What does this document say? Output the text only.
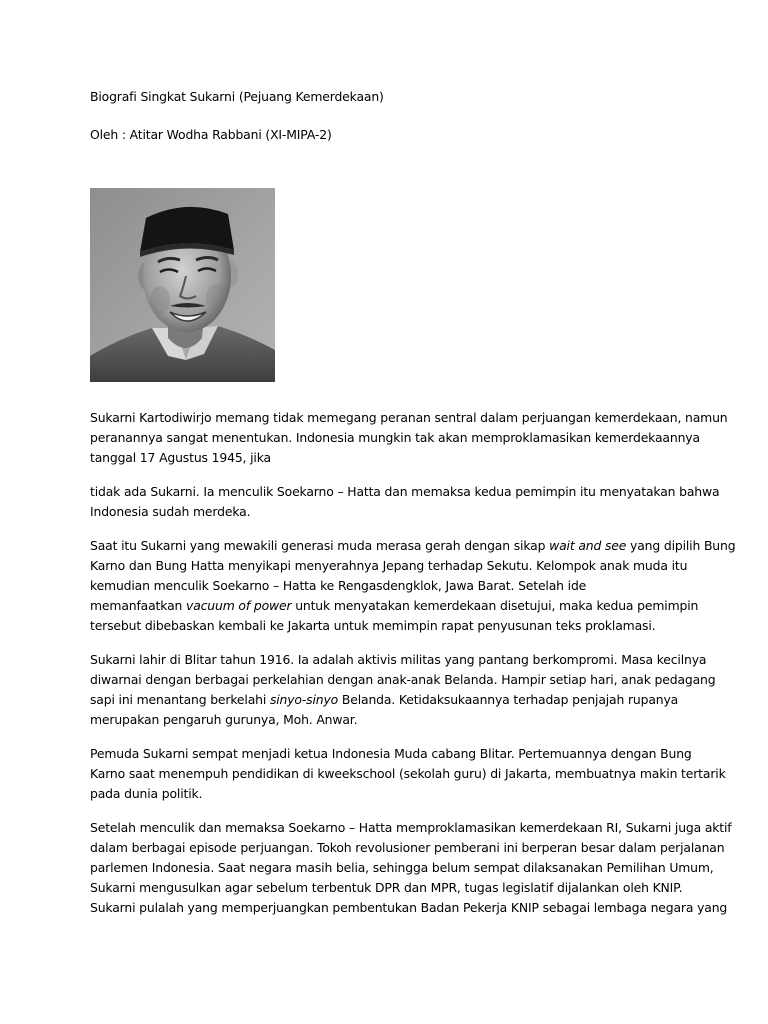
Biografi Singkat Sukarni (Pejuang Kemerdekaan)

Oleh : Atitar Wodha Rabbani (XI-MIPA-2)

Sukarni Kartodiwirjo memang tidak memegang peranan sentral dalam perjuangan kemerdekaan, namun
peranannya sangat menentukan. Indonesia mungkin tak akan memproklamasikan kemerdekaannya
tanggal 17 Agustus 1945, jika

tidak ada Sukarni. Ia menculik Soekarno – Hatta dan memaksa kedua pemimpin itu menyatakan bahwa
Indonesia sudah merdeka.

Saat itu Sukarni yang mewakili generasi muda merasa gerah dengan sikap wait and see yang dipilih Bung
Karno dan Bung Hatta menyikapi menyerahnya Jepang terhadap Sekutu. Kelompok anak muda itu
kemudian menculik Soekarno – Hatta ke Rengasdengklok, Jawa Barat. Setelah ide
memanfaatkan vacuum of power untuk menyatakan kemerdekaan disetujui, maka kedua pemimpin
tersebut dibebaskan kembali ke Jakarta untuk memimpin rapat penyusunan teks proklamasi.

Sukarni lahir di Blitar tahun 1916. Ia adalah aktivis militas yang pantang berkompromi. Masa kecilnya
diwarnai dengan berbagai perkelahian dengan anak-anak Belanda. Hampir setiap hari, anak pedagang
sapi ini menantang berkelahi sinyo-sinyo Belanda. Ketidaksukaannya terhadap penjajah rupanya
merupakan pengaruh gurunya, Moh. Anwar.

Pemuda Sukarni sempat menjadi ketua Indonesia Muda cabang Blitar. Pertemuannya dengan Bung
Karno saat menempuh pendidikan di kweekschool (sekolah guru) di Jakarta, membuatnya makin tertarik
pada dunia politik.

Setelah menculik dan memaksa Soekarno – Hatta memproklamasikan kemerdekaan RI, Sukarni juga aktif
dalam berbagai episode perjuangan. Tokoh revolusioner pemberani ini berperan besar dalam perjalanan
parlemen Indonesia. Saat negara masih belia, sehingga belum sempat dilaksanakan Pemilihan Umum,
Sukarni mengusulkan agar sebelum terbentuk DPR dan MPR, tugas legislatif dijalankan oleh KNIP.
Sukarni pulalah yang memperjuangkan pembentukan Badan Pekerja KNIP sebagai lembaga negara yang
